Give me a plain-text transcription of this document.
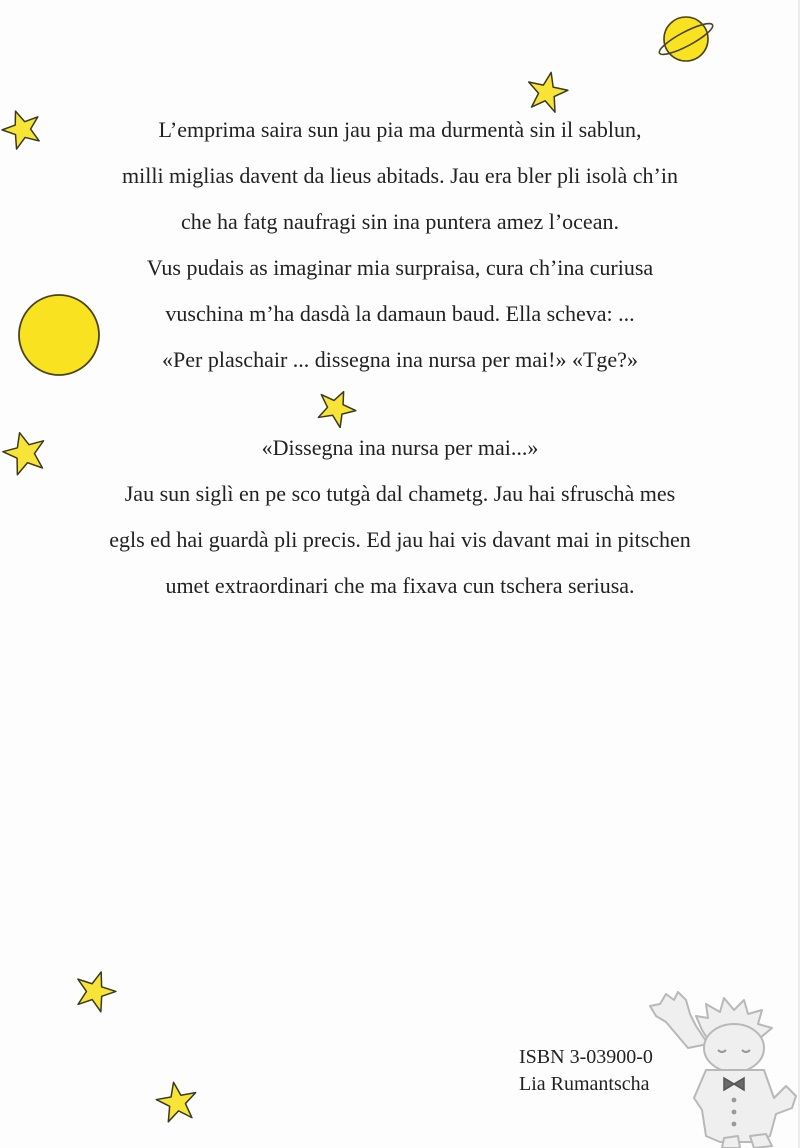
L’emprima saira sun jau pia ma durmentà sin il sablun,
milli miglias davent da lieus abitads. Jau era bler pli isolà ch’in
che ha fatg naufragi sin ina puntera amez l’ocean.
Vus pudais as imaginar mia surpraisa, cura ch’ina curiusa
vuschina m’ha dasdà la damaun baud. Ella scheva: ...
«Per plaschair ... dissegna ina nursa per mai!» «Tge?»
«Dissegna ina nursa per mai...»
Jau sun siglì en pe sco tutgà dal chametg. Jau hai sfruschà mes
egls ed hai guardà pli precis. Ed jau hai vis davant mai in pitschen
umet extraordinari che ma fixava cun tschera seriusa.
ISBN 3-03900-0
Lia Rumantscha
